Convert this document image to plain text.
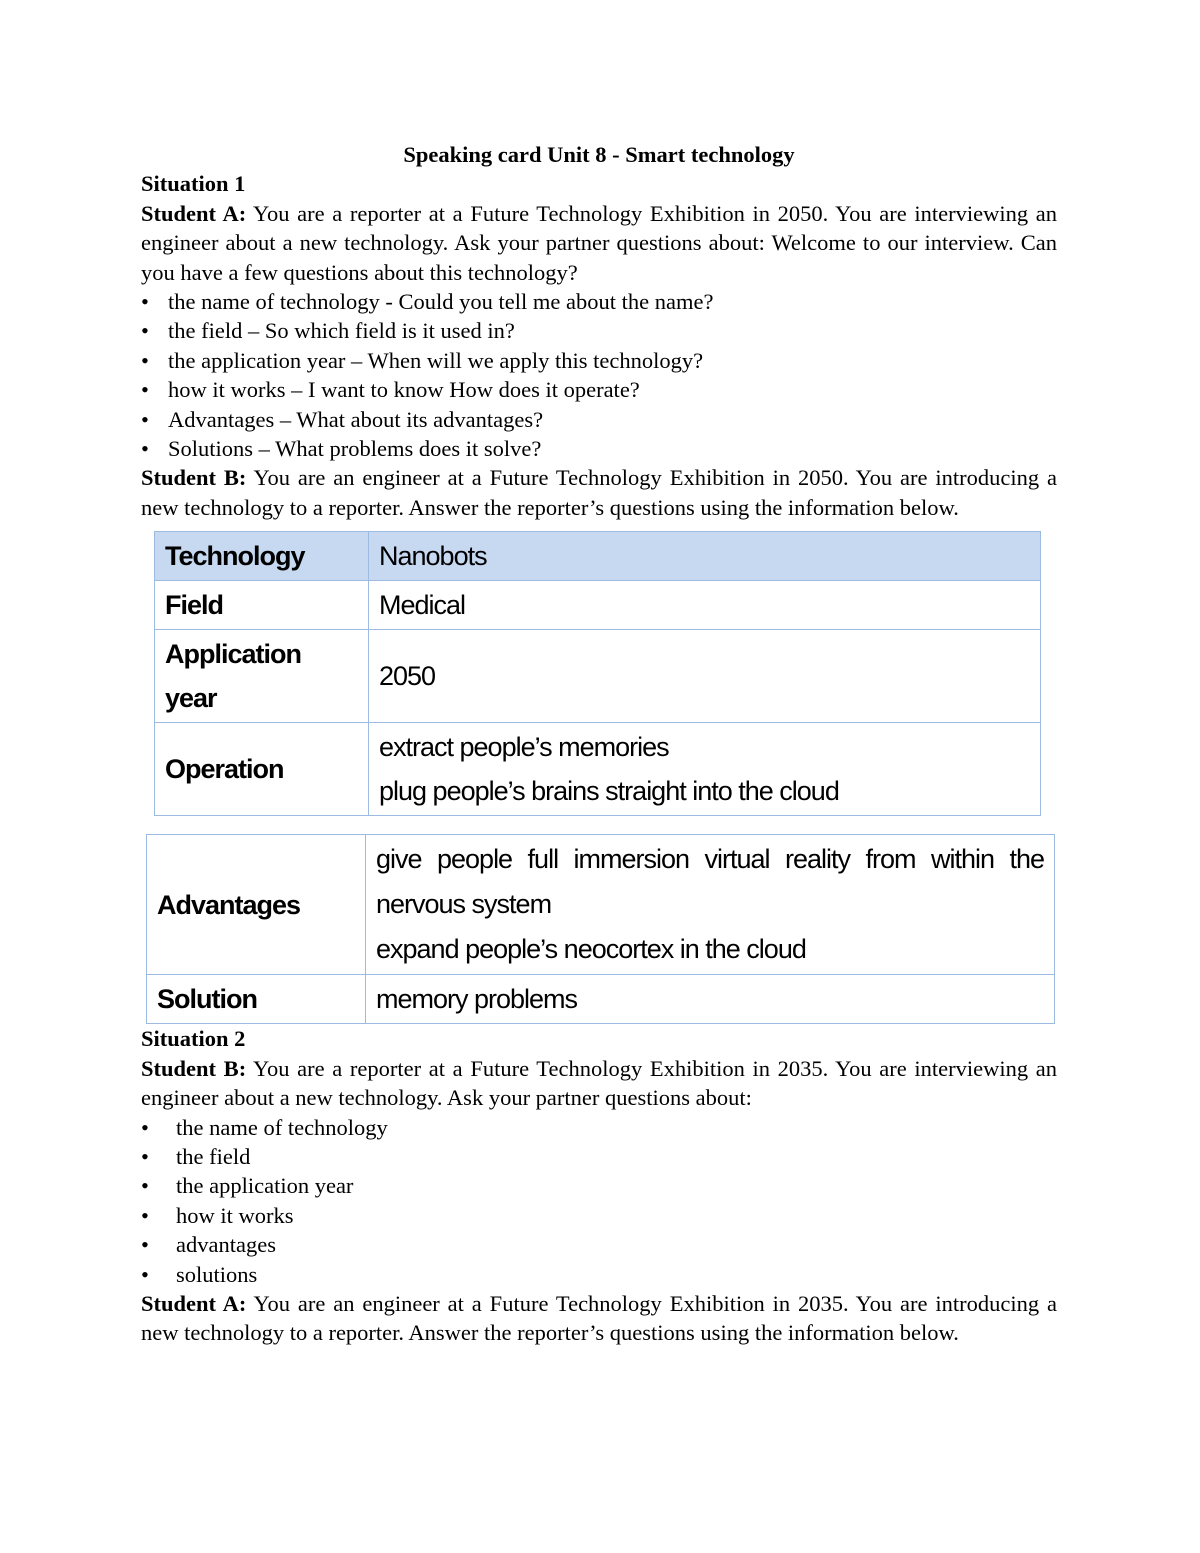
Speaking card Unit 8 - Smart technology

Situation 1

Student A: You are a reporter at a Future Technology Exhibition in 2050. You are interviewing an engineer about a new technology. Ask your partner questions about: Welcome to our interview. Can you have a few questions about this technology?

• the name of technology - Could you tell me about the name?
• the field – So which field is it used in?
• the application year – When will we apply this technology?
• how it works – I want to know How does it operate?
• Advantages – What about its advantages?
• Solutions – What problems does it solve?

Student B: You are an engineer at a Future Technology Exhibition in 2050. You are introducing a new technology to a reporter. Answer the reporter’s questions using the information below.

Technology	Nanobots
Field	Medical
Application year	2050
Operation	extract people’s memories
plug people’s brains straight into the cloud
Advantages	give people full immersion virtual reality from within the nervous system
expand people’s neocortex in the cloud

Solution	memory problems

Situation 2

Student B: You are a reporter at a Future Technology Exhibition in 2035. You are interviewing an engineer about a new technology. Ask your partner questions about:

• the name of technology
• the field
• the application year
• how it works
• advantages
• solutions

Student A: You are an engineer at a Future Technology Exhibition in 2035. You are introducing a new technology to a reporter. Answer the reporter’s questions using the information below.
